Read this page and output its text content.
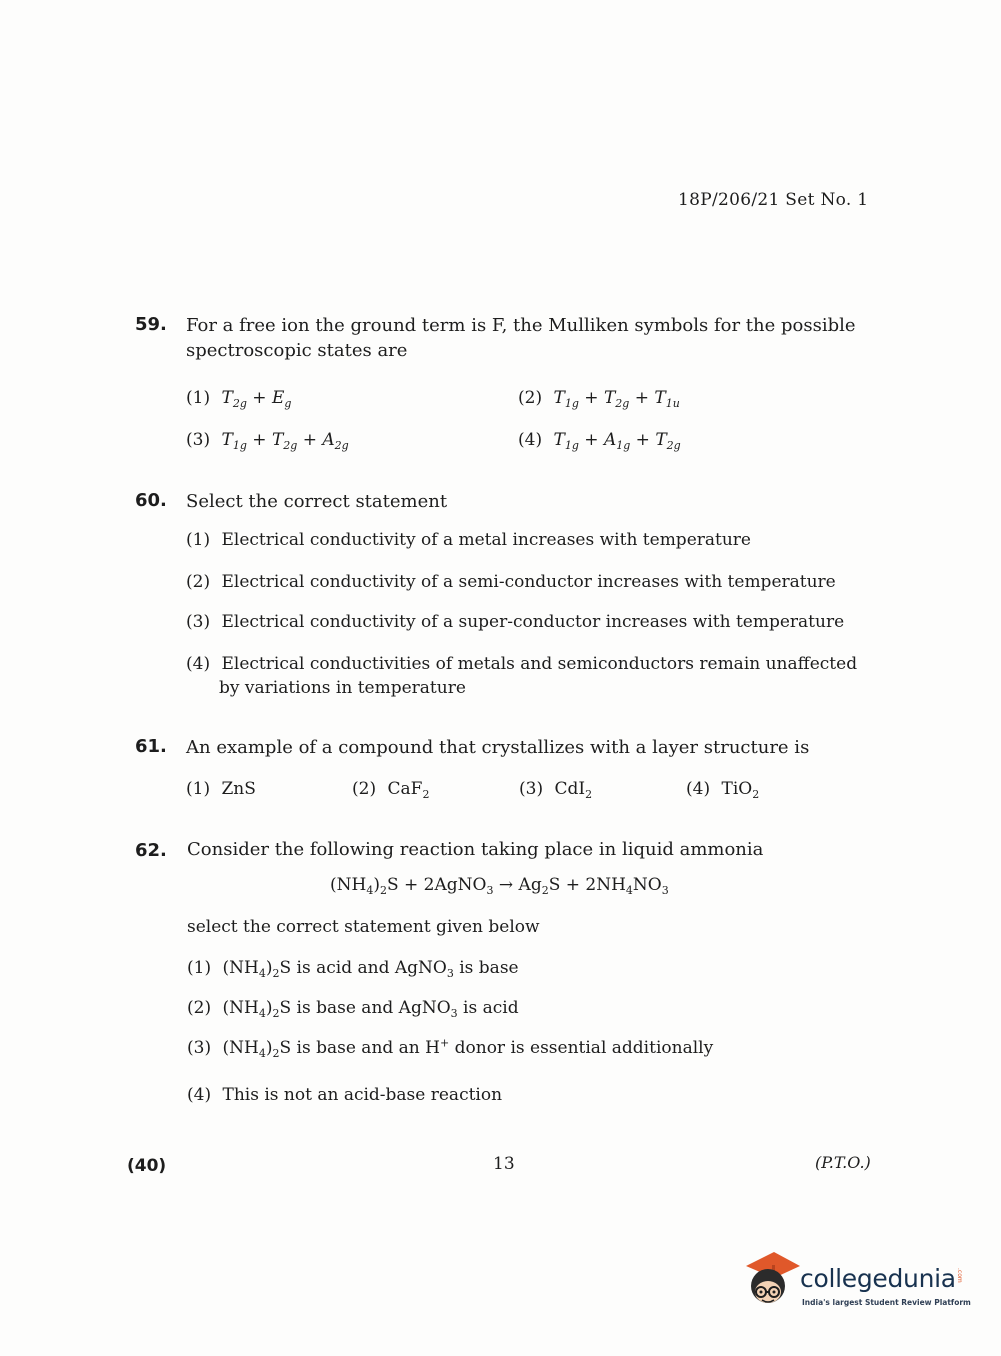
18P/206/21 Set No. 1
59. For a free ion the ground term is F, the Mulliken symbols for the possible
spectroscopic states are
(1) $T_{2g} + E_g$	(2) $T_{1g} + T_{2g} + T_{1u}$
(3) $T_{1g} + T_{2g} + A_{2g}$	(4) $T_{1g} + A_{1g} + T_{2g}$
60. Select the correct statement
(1) Electrical conductivity of a metal increases with temperature
(2) Electrical conductivity of a semi-conductor increases with temperature
(3) Electrical conductivity of a super-conductor increases with temperature
(4) Electrical conductivities of metals and semiconductors remain unaffected
by variations in temperature
61. An example of a compound that crystallizes with a layer structure is
(1) ZnS	(2) CaF$_2$	(3) CdI$_2$	(4) TiO$_2$
62. Consider the following reaction taking place in liquid ammonia
$(NH_4)_2S$ + 2AgNO$_3$ → $Ag_2S + 2NH_4NO_3$
select the correct statement given below
(1) $(NH_4)_2S$ is acid and AgNO$_3$ is base
(2) $(NH_4)_2S$ is base and AgNO$_3$ is acid
(3) $(NH_4)_2S$ is base and an H+ donor is essential additionally
(4) This is not an acid-base reaction
(40)	13	(P.T.O.)
collegedunia .com
India's largest Student Review Platform
